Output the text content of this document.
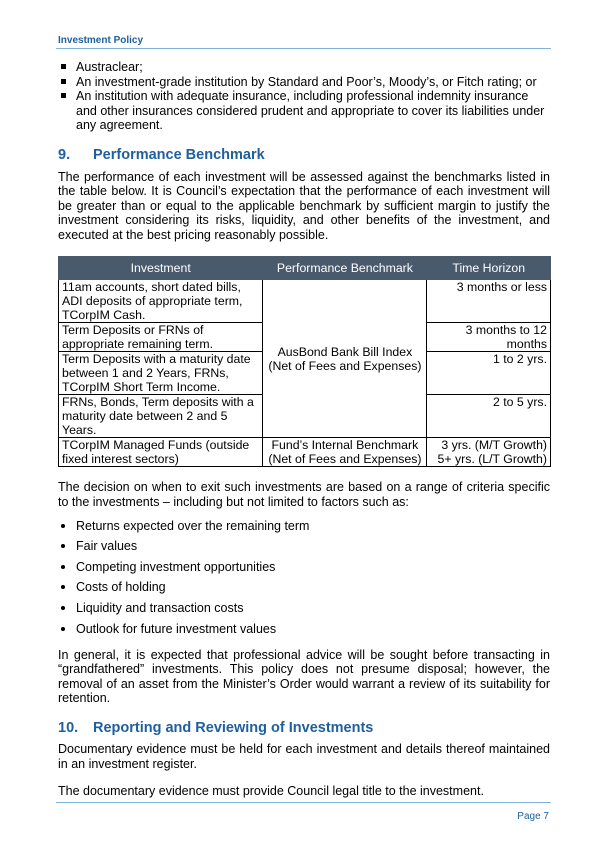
Investment Policy
Austraclear;
An investment-grade institution by Standard and Poor’s, Moody’s, or Fitch rating; or
An institution with adequate insurance, including professional indemnity insurance and other insurances considered prudent and appropriate to cover its liabilities under any agreement.
9.	Performance Benchmark

The performance of each investment will be assessed against the benchmarks listed in the table below. It is Council’s expectation that the performance of each investment will be greater than or equal to the applicable benchmark by sufficient margin to justify the investment considering its risks, liquidity, and other benefits of the investment, and executed at the best pricing reasonably possible.

Investment	Performance Benchmark	Time Horizon
11am accounts, short dated bills, ADI deposits of appropriate term, TCorpIM Cash.	AusBond Bank Bill Index (Net of Fees and Expenses)	3 months or less
Term Deposits or FRNs of appropriate remaining term.		3 months to 12 months
Term Deposits with a maturity date between 1 and 2 Years, FRNs, TCorpIM Short Term Income.		1 to 2 yrs.
FRNs, Bonds, Term deposits with a maturity date between 2 and 5 Years.		2 to 5 yrs.
TCorpIM Managed Funds (outside fixed interest sectors)	Fund’s Internal Benchmark (Net of Fees and Expenses)	3 yrs. (M/T Growth) 5+ yrs. (L/T Growth)

The decision on when to exit such investments are based on a range of criteria specific to the investments – including but not limited to factors such as:

Returns expected over the remaining term
Fair values
Competing investment opportunities
Costs of holding
Liquidity and transaction costs
Outlook for future investment values

In general, it is expected that professional advice will be sought before transacting in “grandfathered” investments. This policy does not presume disposal; however, the removal of an asset from the Minister’s Order would warrant a review of its suitability for retention.

10.	Reporting and Reviewing of Investments

Documentary evidence must be held for each investment and details thereof maintained in an investment register.

The documentary evidence must provide Council legal title to the investment.

Page 7
